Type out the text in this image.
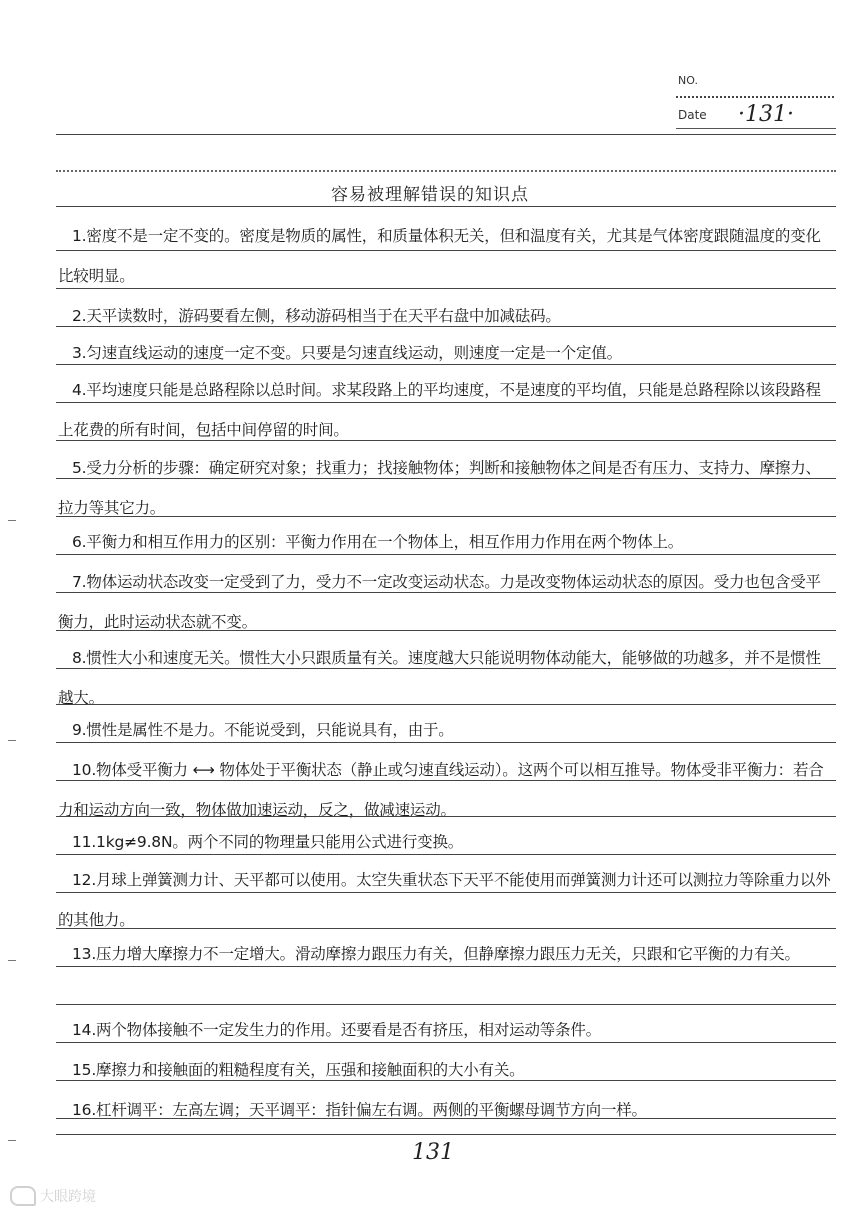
NO.
Date ·131·
容易被理解错误的知识点
1.密度不是一定不变的。密度是物质的属性，和质量体积无关，但和温度有关，尤其是气体密度跟随温度的变化比较明显。
2.天平读数时，游码要看左侧，移动游码相当于在天平右盘中加减砝码。
3.匀速直线运动的速度一定不变。只要是匀速直线运动，则速度一定是一个定值。
4.平均速度只能是总路程除以总时间。求某段路上的平均速度，不是速度的平均值，只能是总路程除以该段路程上花费的所有时间，包括中间停留的时间。
5.受力分析的步骤：确定研究对象；找重力；找接触物体；判断和接触物体之间是否有压力、支持力、摩擦力、拉力等其它力。
6.平衡力和相互作用力的区别：平衡力作用在一个物体上，相互作用力作用在两个物体上。
7.物体运动状态改变一定受到了力，受力不一定改变运动状态。力是改变物体运动状态的原因。受力也包含受平衡力，此时运动状态就不变。
8.惯性大小和速度无关。惯性大小只跟质量有关。速度越大只能说明物体动能大，能够做的功越多，并不是惯性越大。
9.惯性是属性不是力。不能说受到，只能说具有，由于。
10.物体受平衡力 ⟷ 物体处于平衡状态（静止或匀速直线运动）。这两个可以相互推导。物体受非平衡力：若合力和运动方向一致，物体做加速运动，反之，做减速运动。
11.1kg≠9.8N。两个不同的物理量只能用公式进行变换。
12.月球上弹簧测力计、天平都可以使用。太空失重状态下天平不能使用而弹簧测力计还可以测拉力等除重力以外的其他力。
13.压力增大摩擦力不一定增大。滑动摩擦力跟压力有关，但静摩擦力跟压力无关，只跟和它平衡的力有关。
14.两个物体接触不一定发生力的作用。还要看是否有挤压，相对运动等条件。
15.摩擦力和接触面的粗糙程度有关，压强和接触面积的大小有关。
16.杠杆调平：左高左调；天平调平：指针偏左右调。两侧的平衡螺母调节方向一样。
131
大眼跨境
